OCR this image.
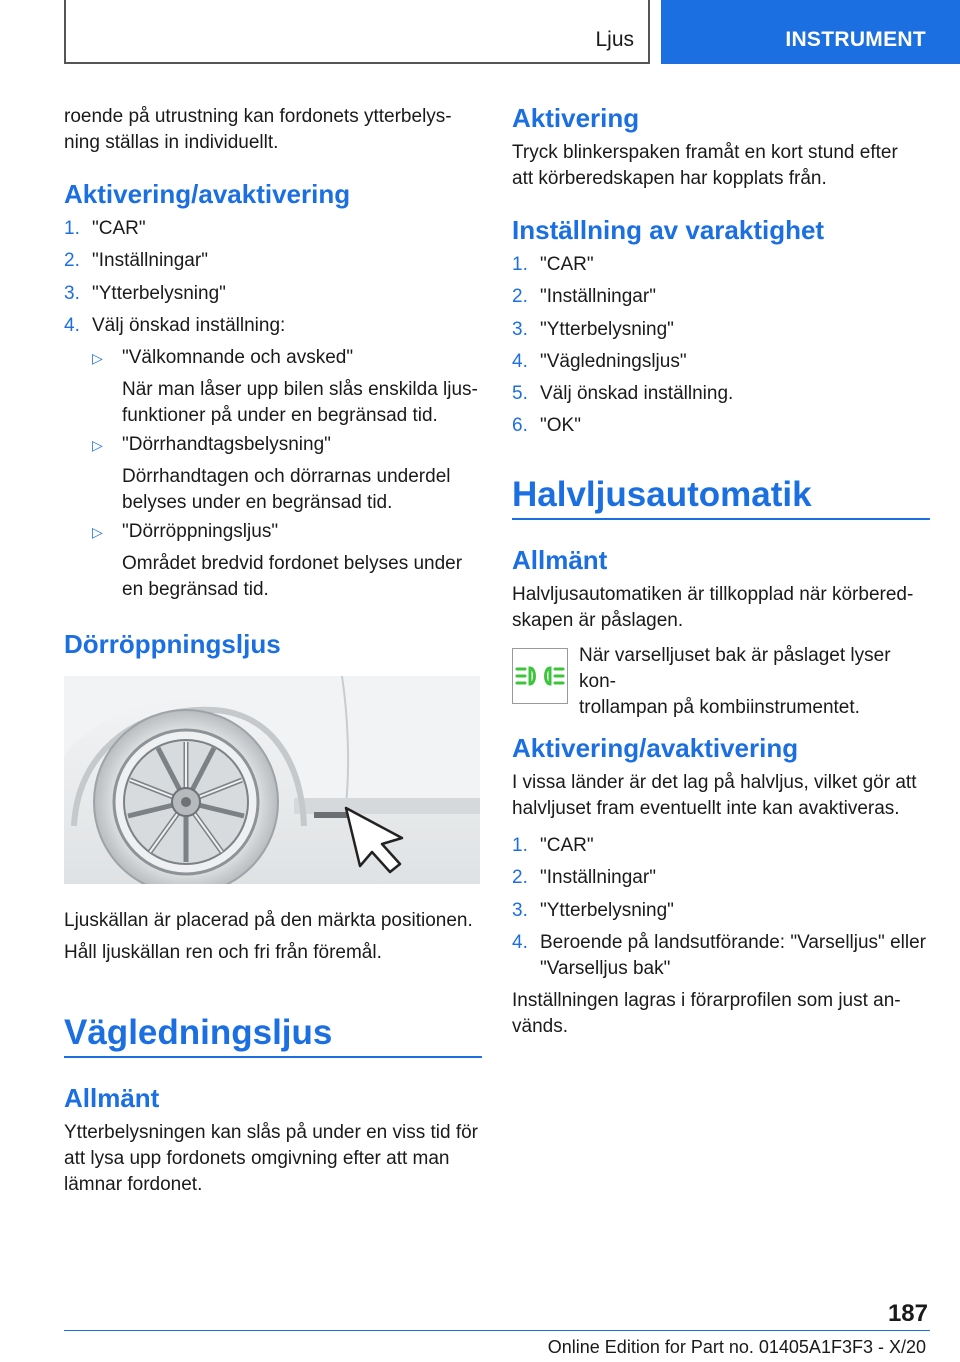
Ljus	INSTRUMENT
roende på utrustning kan fordonets ytterbelys-
ning ställas in individuellt.
Aktivering/avaktivering
1. "CAR"
2. "Inställningar"
3. "Ytterbelysning"
4. Välj önskad inställning:
▷ "Välkomnande och avsked"
När man låser upp bilen slås enskilda ljus-
funktioner på under en begränsad tid.
▷ "Dörrhandtagsbelysning"
Dörrhandtagen och dörrarnas underdel
belyses under en begränsad tid.
▷ "Dörröppningsljus"
Området bredvid fordonet belyses under
en begränsad tid.
Dörröppningsljus
Ljuskällan är placerad på den märkta positionen.
Håll ljuskällan ren och fri från föremål.
Vägledningsljus
Allmänt
Ytterbelysningen kan slås på under en viss tid för
att lysa upp fordonets omgivning efter att man
lämnar fordonet.
Aktivering
Tryck blinkerspaken framåt en kort stund efter
att körberedskapen har kopplats från.
Inställning av varaktighet
1. "CAR"
2. "Inställningar"
3. "Ytterbelysning"
4. "Vägledningsljus"
5. Välj önskad inställning.
6. "OK"
Halvljusautomatik
Allmänt
Halvljusautomatiken är tillkopplad när körbered-
skapen är påslagen.
När varselljuset bak är påslaget lyser kon-
trollampan på kombiinstrumentet.
Aktivering/avaktivering
I vissa länder är det lag på halvljus, vilket gör att
halvljuset fram eventuellt inte kan avaktiveras.
1. "CAR"
2. "Inställningar"
3. "Ytterbelysning"
4. Beroende på landsutförande: "Varselljus" eller
"Varselljus bak"
Inställningen lagras i förarprofilen som just an-
vänds.
187
Online Edition for Part no. 01405A1F3F3 - X/20
